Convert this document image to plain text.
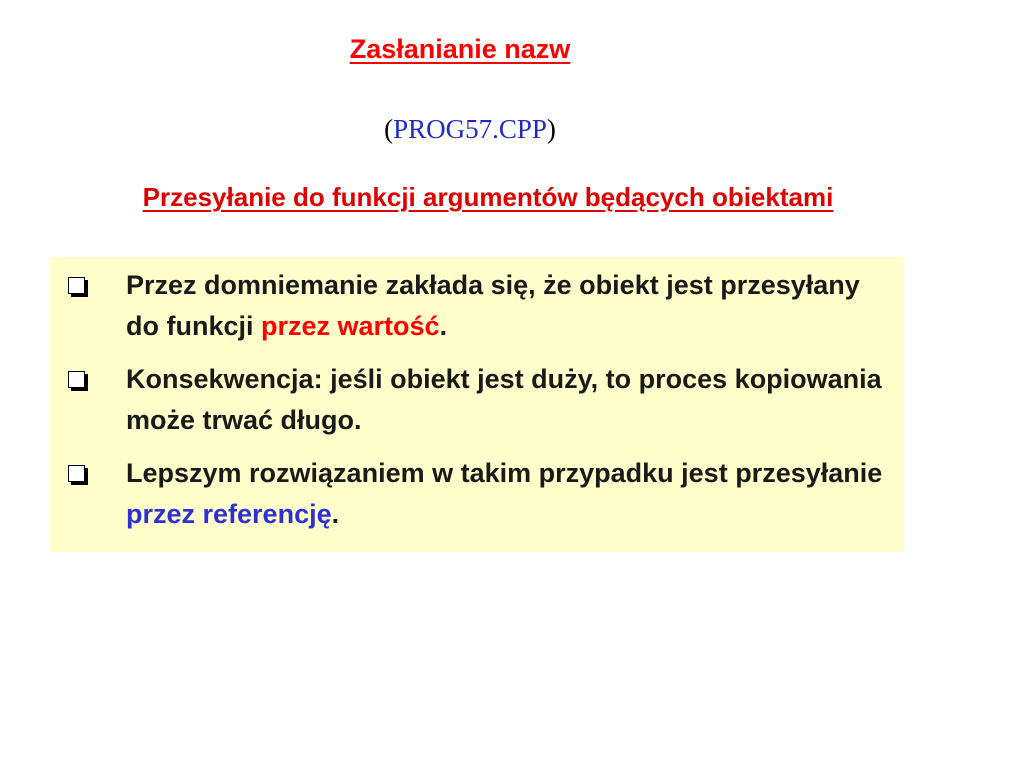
Zasłanianie nazw
(PROG57.CPP)
Przesyłanie do funkcji argumentów będących obiektami
Przez domniemanie zakłada się, że obiekt jest przesyłany do funkcji przez wartość.
Konsekwencja: jeśli obiekt jest duży, to proces kopiowania może trwać długo.
Lepszym rozwiązaniem w takim przypadku jest przesyłanie przez referencję.
